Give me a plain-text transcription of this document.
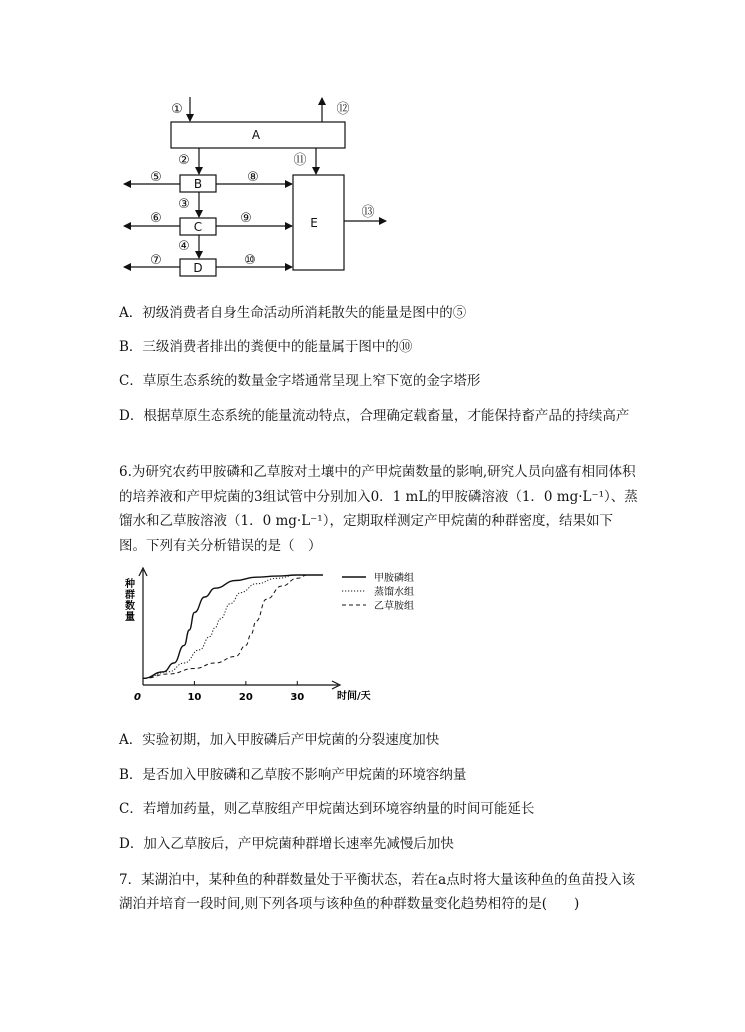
A
B
C
D
E
①	⑫
②	⑪
③
④
⑤
⑥
⑦
⑧
⑨
⑩
⑬
A．初级消费者自身生命活动所消耗散失的能量是图中的⑤
B．三级消费者排出的粪便中的能量属于图中的⑩
C．草原生态系统的数量金字塔通常呈现上窄下宽的金字塔形
D．根据草原生态系统的能量流动特点，合理确定载畜量，才能保持畜产品的持续高产
6.为研究农药甲胺磷和乙草胺对土壤中的产甲烷菌数量的影响,研究人员向盛有相同体积的培养液和产甲烷菌的3组试管中分别加入0．1 mL的甲胺磷溶液（1．0 mg·L⁻¹）、蒸馏水和乙草胺溶液（1．0 mg·L⁻¹），定期取样测定产甲烷菌的种群密度，结果如下图。下列有关分析错误的是（　）
10	20	30
种群数量
时间/天
0
甲胺磷组
蒸馏水组
乙草胺组
A．实验初期，加入甲胺磷后产甲烷菌的分裂速度加快
B．是否加入甲胺磷和乙草胺不影响产甲烷菌的环境容纳量
C．若增加药量，则乙草胺组产甲烷菌达到环境容纳量的时间可能延长
D．加入乙草胺后，产甲烷菌种群增长速率先减慢后加快
7．某湖泊中，某种鱼的种群数量处于平衡状态，若在a点时将大量该种鱼的鱼苗投入该湖泊并培育一段时间,则下列各项与该种鱼的种群数量变化趋势相符的是(　　)
